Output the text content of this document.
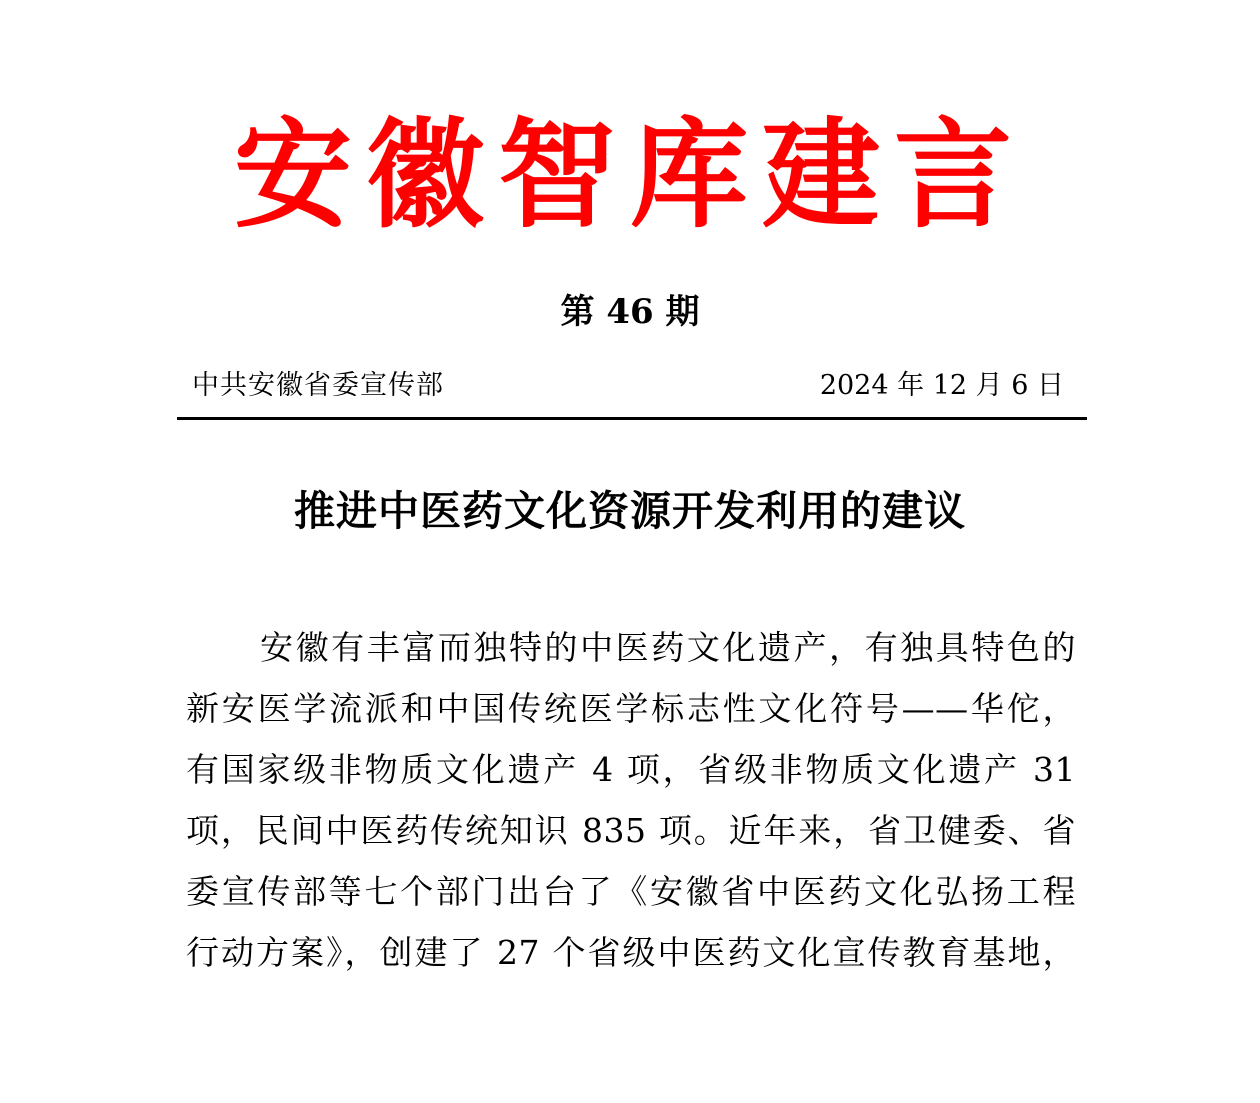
安徽智库建言
第 46 期
中共安徽省委宣传部	2024 年 12 月 6 日
推进中医药文化资源开发利用的建议
安徽有丰富而独特的中医药文化遗产，有独具特色的
新安医学流派和中国传统医学标志性文化符号——华佗，
有国家级非物质文化遗产 4 项，省级非物质文化遗产 31
项，民间中医药传统知识 835 项。近年来，省卫健委、省
委宣传部等七个部门出台了《安徽省中医药文化弘扬工程
行动方案》，创建了 27 个省级中医药文化宣传教育基地，
